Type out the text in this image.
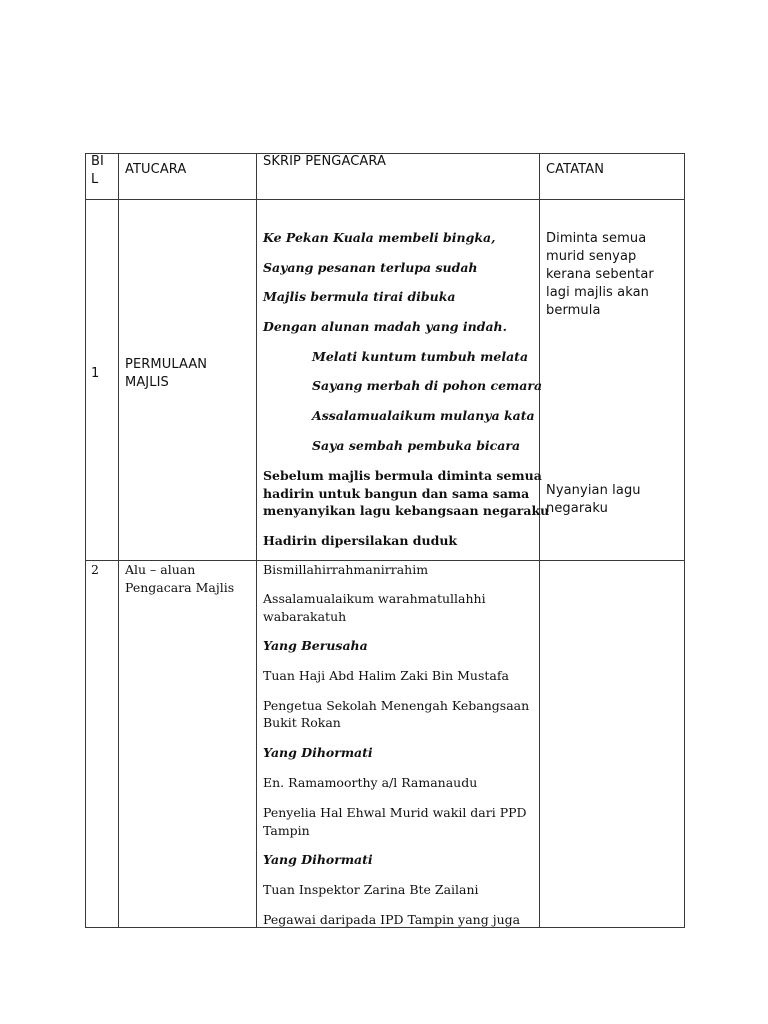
BI L
ATUCARA
SKRIP PENGACARA
CATATAN
1
PERMULAAN MAJLIS

Ke Pekan Kuala membeli bingka,

Sayang pesanan terlupa sudah

Majlis bermula tirai dibuka

Dengan alunan madah yang indah.

Melati kuntum tumbuh melata

Sayang merbah di pohon cemara

Assalamualaikum mulanya kata

Saya sembah pembuka bicara

Sebelum majlis bermula diminta semua

hadirin untuk bangun dan sama sama

menyanyikan lagu kebangsaan negaraku

Hadirin dipersilakan duduk

Diminta semua

murid senyap

kerana sebentar

lagi majlis akan

bermula

Nyanyian lagu

negaraku

2 Alu – aluan

Pengacara Majlis

Bismillahirrahmanirrahim

Assalamualaikum warahmatullahhi

wabarakatuh

Yang Berusaha

Tuan Haji Abd Halim Zaki Bin Mustafa

Pengetua Sekolah Menengah Kebangsaan

Bukit Rokan

Yang Dihormati

En. Ramamoorthy a/l Ramanaudu

Penyelia Hal Ehwal Murid wakil dari PPD

Tampin

Yang Dihormati

Tuan Inspektor Zarina Bte Zailani

Pegawai daripada IPD Tampin yang juga
